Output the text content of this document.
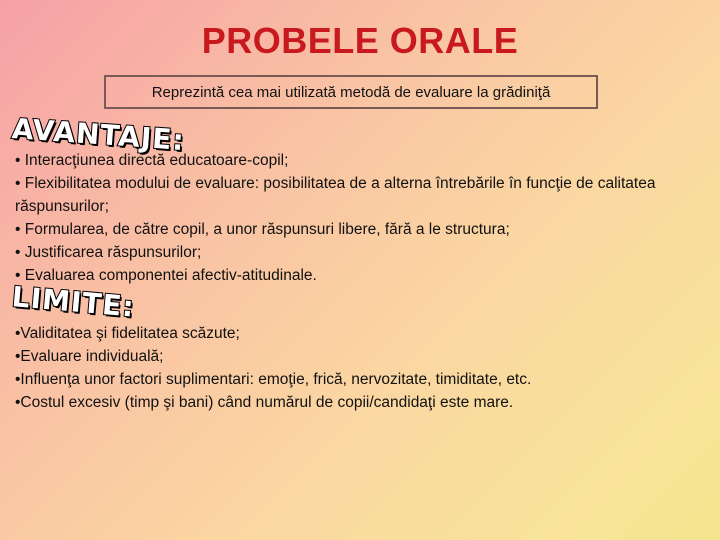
PROBELE ORALE
Reprezintă cea mai utilizată metodă de evaluare la grădiniţă
AVANTAJE:
• Interacţiunea directă educatoare-copil;
• Flexibilitatea modului de evaluare: posibilitatea de a alterna întrebările în funcţie de calitatea răspunsurilor;
• Formularea, de către copil, a unor răspunsuri libere, fără a le structura;
• Justificarea răspunsurilor;
• Evaluarea componentei afectiv-atitudinale.
LIMITE:
•Validitatea şi fidelitatea scăzute;
•Evaluare individuală;
•Influenţa unor factori suplimentari: emoţie, frică, nervozitate, timiditate, etc.
•Costul excesiv (timp şi bani) când numărul de copii/candidaţi este mare.
